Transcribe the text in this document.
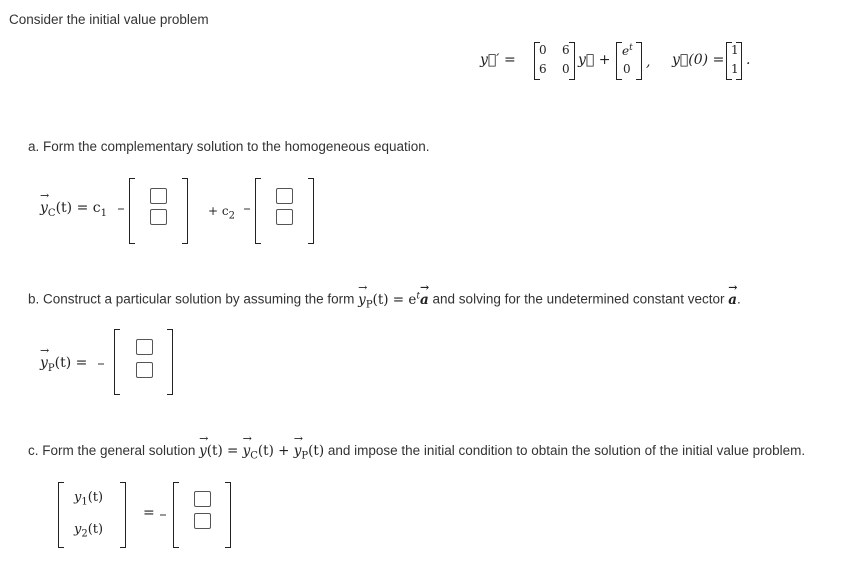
Consider the initial value problem
y⃗′ =
0 6
6 0
y⃗ +
$e^t$
0 , y⃗(0) =
1
1
.
a. Form the complementary solution to the homogeneous equation.
→ $y_C(t) = c_1$	+ $c_2$
b. Construct a particular solution by assuming the form → $y_P(t) = e^t\to a$ and solving for the undetermined constant vector → a.
→ $y_P(t)$ =
c. Form the general solution → y(t) = → $y_C(t)$ + → $y_P(t)$ and impose the initial condition to obtain the solution of the initial value problem.
$y_1(t)$
$y_2(t)$
=
